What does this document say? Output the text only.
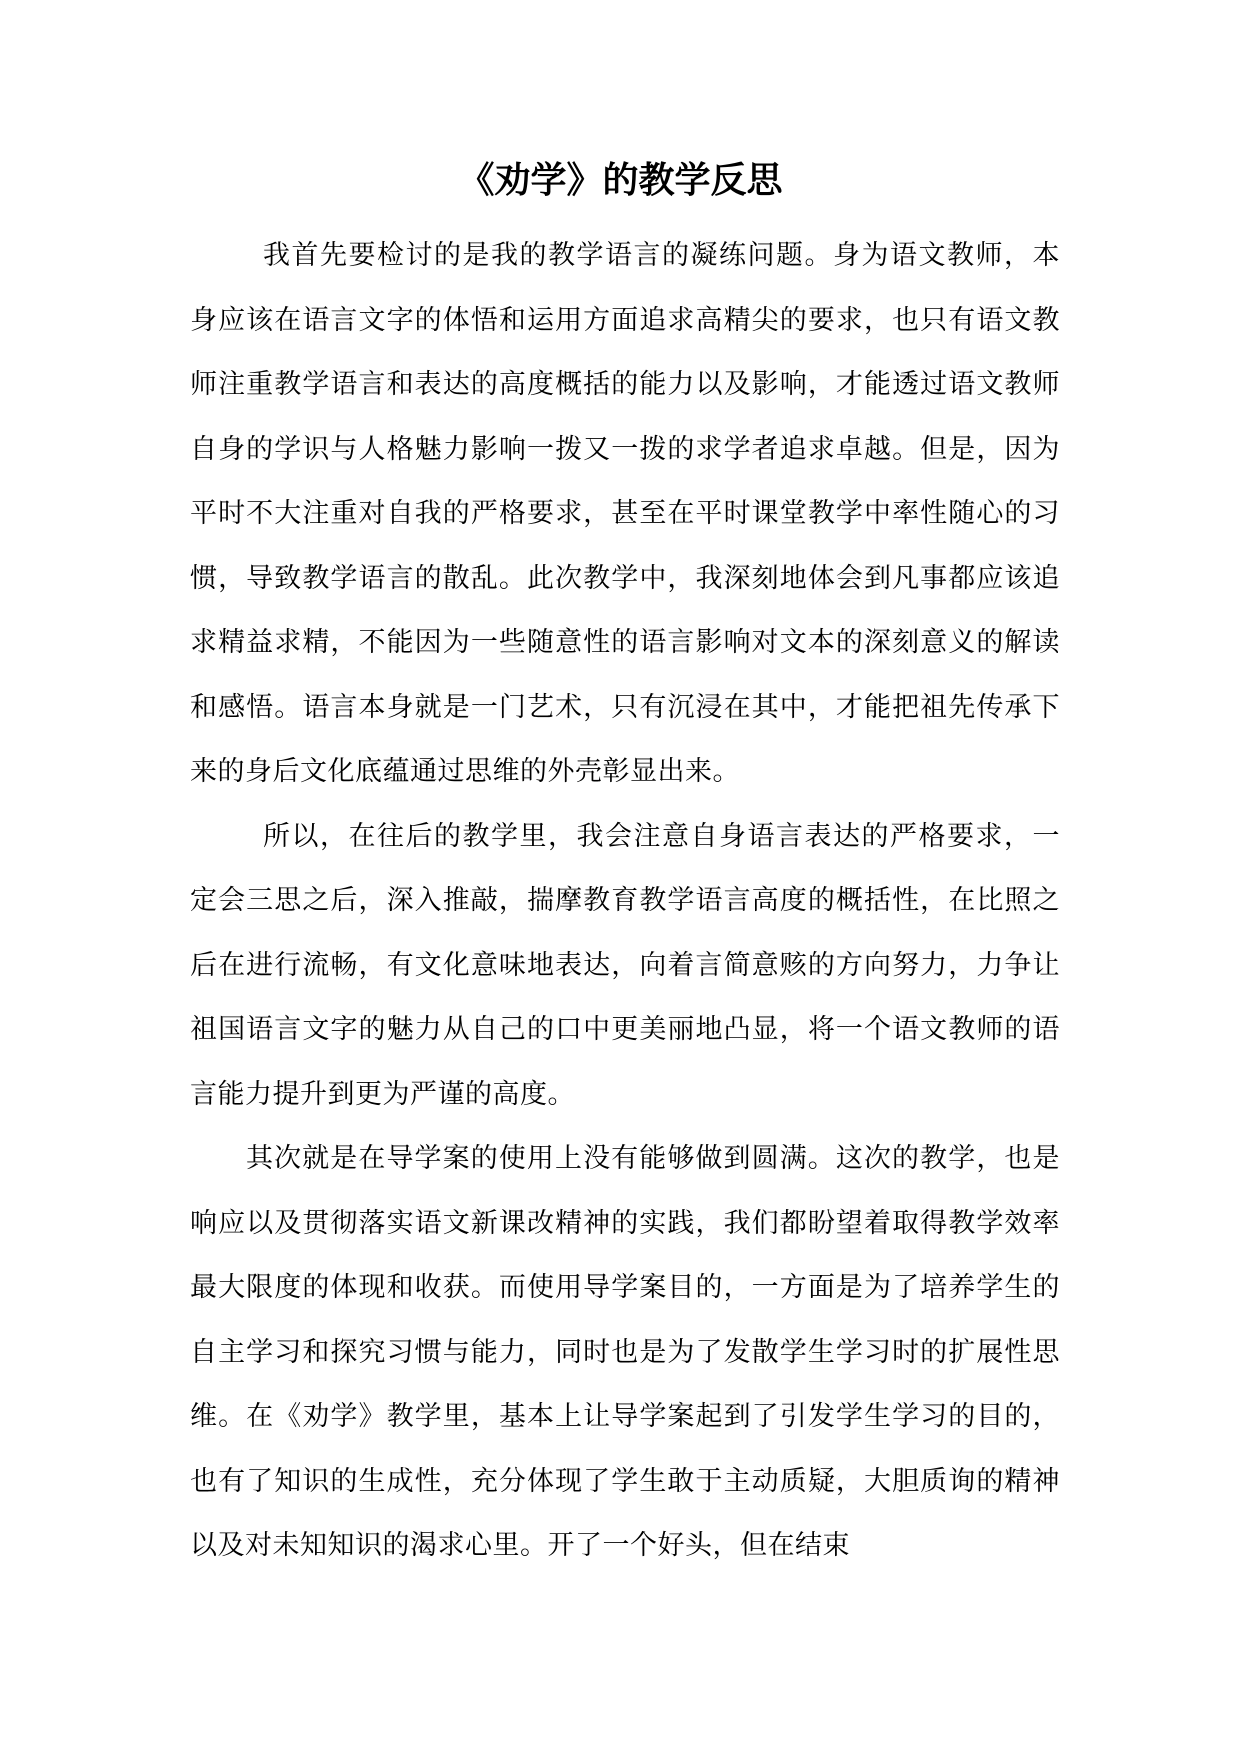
《劝学》的教学反思

我首先要检讨的是我的教学语言的凝练问题。身为语文教师，本身应该在语言文字的体悟和运用方面追求高精尖的要求，也只有语文教师注重教学语言和表达的高度概括的能力以及影响，才能透过语文教师自身的学识与人格魅力影响一拨又一拨的求学者追求卓越。但是，因为平时不大注重对自我的严格要求，甚至在平时课堂教学中率性随心的习惯，导致教学语言的散乱。此次教学中，我深刻地体会到凡事都应该追求精益求精，不能因为一些随意性的语言影响对文本的深刻意义的解读和感悟。语言本身就是一门艺术，只有沉浸在其中，才能把祖先传承下来的身后文化底蕴通过思维的外壳彰显出来。

所以，在往后的教学里，我会注意自身语言表达的严格要求，一定会三思之后，深入推敲，揣摩教育教学语言高度的概括性，在比照之后在进行流畅，有文化意味地表达，向着言简意赅的方向努力，力争让祖国语言文字的魅力从自己的口中更美丽地凸显，将一个语文教师的语言能力提升到更为严谨的高度。

其次就是在导学案的使用上没有能够做到圆满。这次的教学，也是响应以及贯彻落实语文新课改精神的实践，我们都盼望着取得教学效率最大限度的体现和收获。而使用导学案目的，一方面是为了培养学生的自主学习和探究习惯与能力，同时也是为了发散学生学习时的扩展性思维。在《劝学》教学里，基本上让导学案起到了引发学生学习的目的，也有了知识的生成性，充分体现了学生敢于主动质疑，大胆质询的精神以及对未知知识的渴求心里。开了一个好头，但在结束
